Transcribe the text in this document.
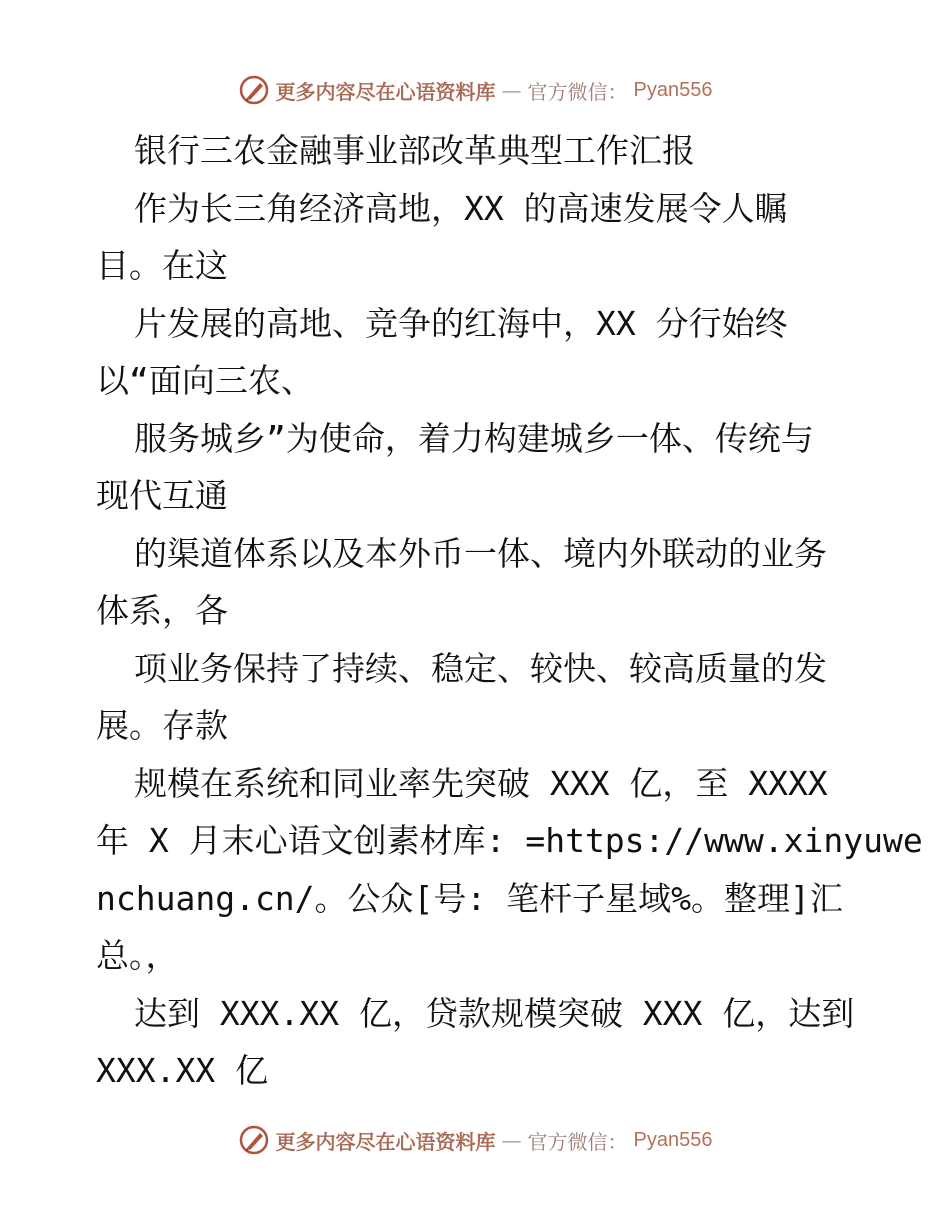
更多内容尽在心语资料库 — 官方微信： Pyan556
银行三农金融事业部改革典型工作汇报
作为长三角经济高地，XX 的高速发展令人瞩
目。在这
片发展的高地、竞争的红海中，XX 分行始终
以“面向三农、
服务城乡”为使命，着力构建城乡一体、传统与
现代互通
的渠道体系以及本外币一体、境内外联动的业务
体系，各
项业务保持了持续、稳定、较快、较高质量的发
展。存款
规模在系统和同业率先突破 XXX 亿，至 XXXX
年 X 月末心语文创素材库: =https://www.xinyuwe
nchuang.cn/。公众[号: 笔杆子星域%。整理]汇
总。，
达到 XXX.XX 亿，贷款规模突破 XXX 亿，达到
XXX.XX 亿
更多内容尽在心语资料库 — 官方微信： Pyan556
